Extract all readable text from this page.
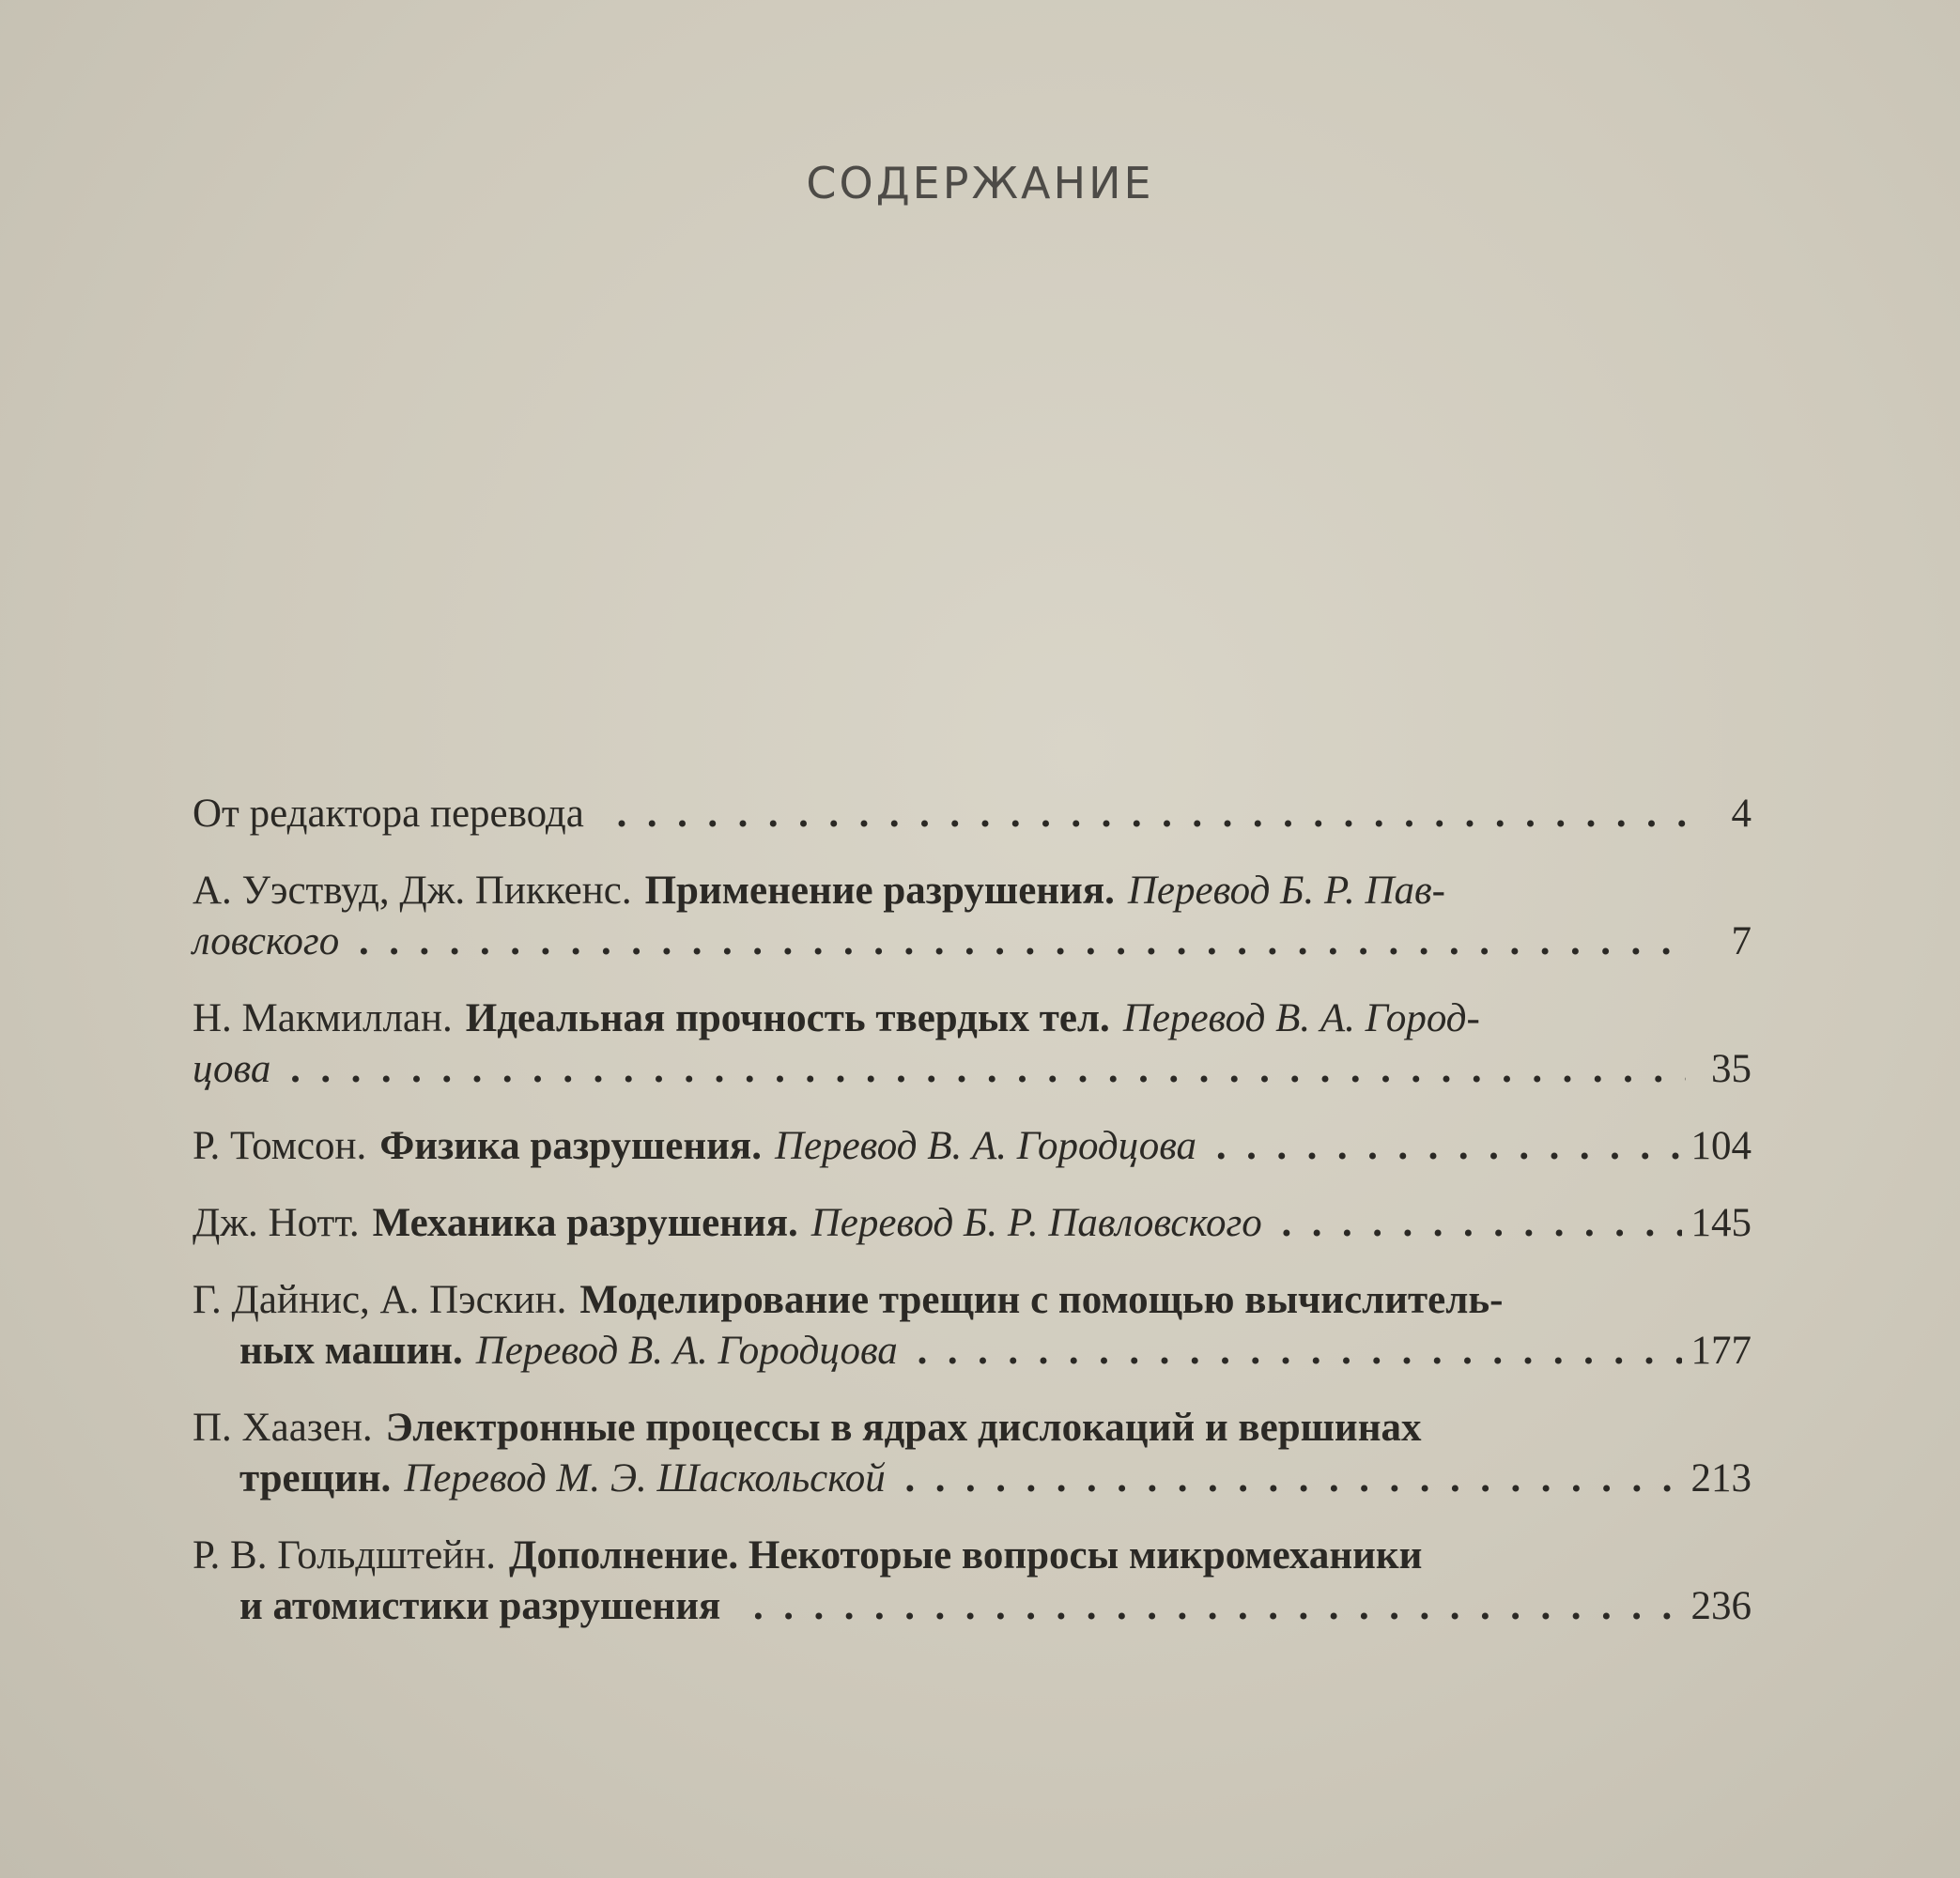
СОДЕРЖАНИЕ
От редактора перевода . .	4
А. Уэствуд, Дж. Пиккенс. Применение разрушения. Перевод Б. Р. Пав-
ловского . .	7
Н. Макмиллан. Идеальная прочность твердых тел. Перевод В. А. Город-
цова . .	35
Р. Томсон. Физика разрушения. Перевод В. А. Городцова . .	104
Дж. Нотт. Механика разрушения. Перевод Б. Р. Павловского . .	145
Г. Дайнис, А. Пэскин. Моделирование трещин с помощью вычислитель-
ных машин. Перевод В. А. Городцова . .	177
П. Хаазен. Электронные процессы в ядрах дислокаций и вершинах
трещин. Перевод М. Э. Шаскольской . .	213
Р. В. Гольдштейн. Дополнение. Некоторые вопросы микромеханики
и атомистики разрушения . .	236
